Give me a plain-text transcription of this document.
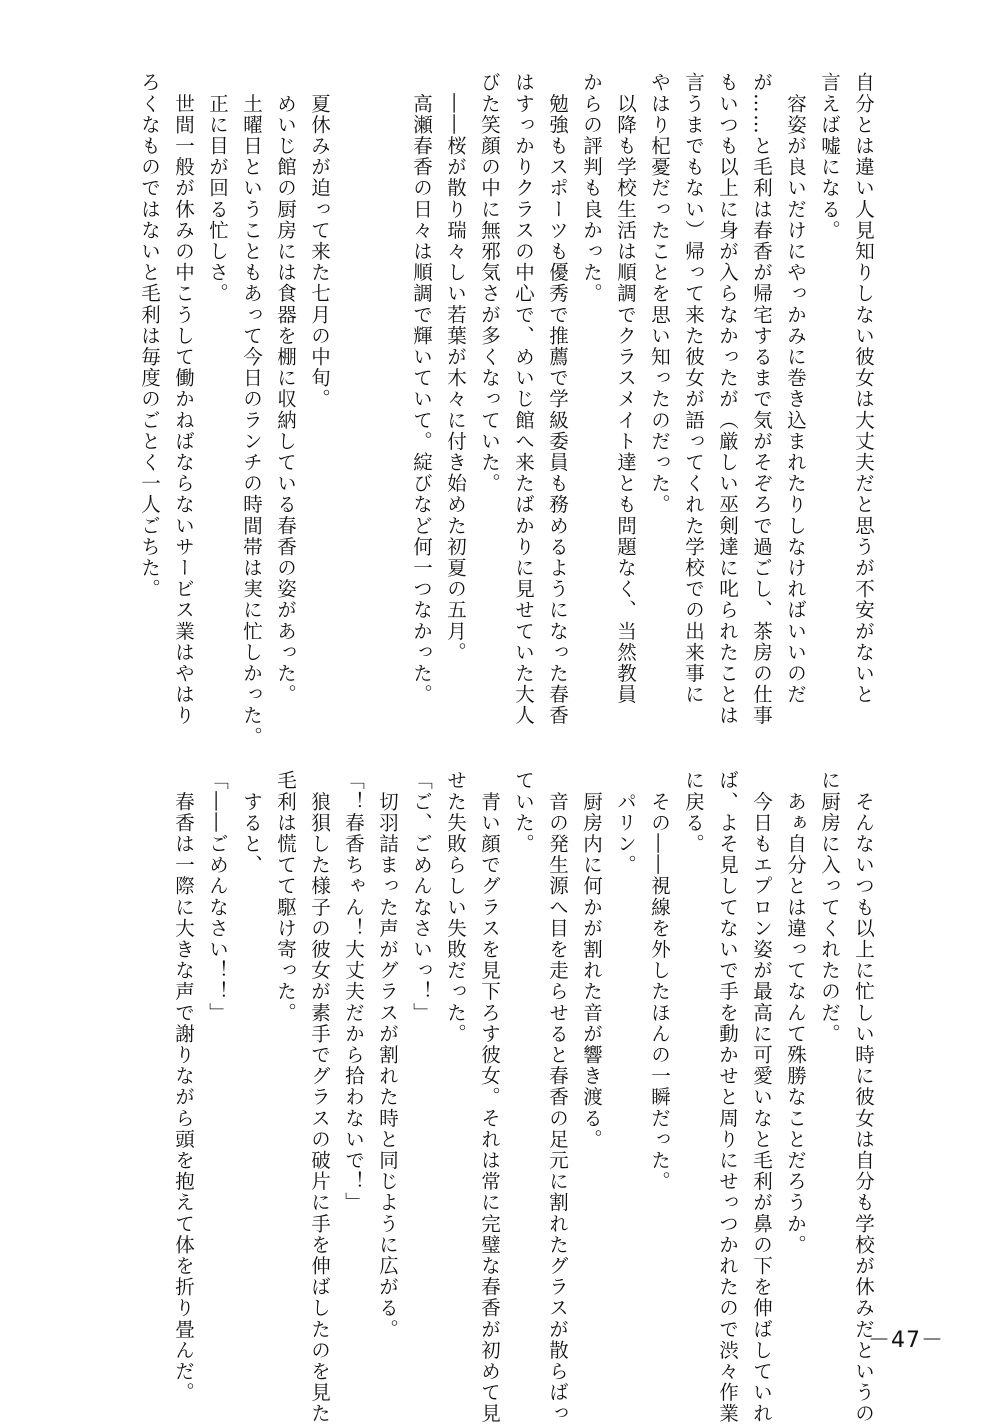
自分とは違い人見知りしない彼女は大丈夫だと思うが不安がないと
言えば嘘になる。
　容姿が良いだけにやっかみに巻き込まれたりしなければいいのだ
が……と毛利は春香が帰宅するまで気がそぞろで過ごし、茶房の仕事
もいつも以上に身が入らなかったが（厳しい巫剣達に叱られたことは
言うまでもない）帰って来た彼女が語ってくれた学校での出来事に
やはり杞憂だったことを思い知ったのだった。
　以降も学校生活は順調でクラスメイト達とも問題なく、当然教員
からの評判も良かった。
　勉強もスポーツも優秀で推薦で学級委員も務めるようになった春香
はすっかりクラスの中心で、めいじ館へ来たばかりに見せていた大人
びた笑顔の中に無邪気さが多くなっていた。
　――桜が散り瑞々しい若葉が木々に付き始めた初夏の五月。
　高瀬春香の日々は順調で輝いていて。綻びなど何一つなかった。

　夏休みが迫って来た七月の中旬。
　めいじ館の厨房には食器を棚に収納している春香の姿があった。
　土曜日ということもあって今日のランチの時間帯は実に忙しかった。
　正に目が回る忙しさ。
　世間一般が休みの中こうして働かねばならないサービス業はやはり
ろくなものではないと毛利は毎度のごとく一人ごちた。
　そんないつも以上に忙しい時に彼女は自分も学校が休みだというの
に厨房に入ってくれたのだ。
　あぁ自分とは違ってなんて殊勝なことだろうか。
　今日もエプロン姿が最高に可愛いなと毛利が鼻の下を伸ばしていれ
ば、よそ見してないで手を動かせと周りにせっつかれたので渋々作業
に戻る。
　その――視線を外したほんの一瞬だった。
　パリン。
　厨房内に何かが割れた音が響き渡る。
　音の発生源へ目を走らせると春香の足元に割れたグラスが散らばっ
ていた。
　青い顔でグラスを見下ろす彼女。それは常に完璧な春香が初めて見
せた失敗らしい失敗だった。
「ご、ごめんなさいっ！」
　切羽詰まった声がグラスが割れた時と同じように広がる。
「！春香ちゃん！大丈夫だから拾わないで！」
　狼狽した様子の彼女が素手でグラスの破片に手を伸ばしたのを見た
毛利は慌てて駆け寄った。
　すると、
「――ごめんなさい！！」
　春香は一際に大きな声で謝りながら頭を抱えて体を折り畳んだ。	－47－
